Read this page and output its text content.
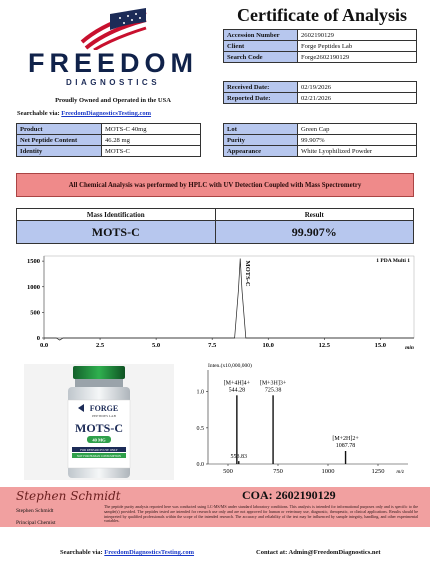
FREEDOM
DIAGNOSTICS
Proudly Owned and Operated in the USA
Searchable via: FreedomDiagnosticsTesting.com
Certificate of Analysis
Accession Number	2602190129
Client	Forge Peptides Lab
Search Code	Forge2602190129
Received Date:	02/19/2026
Reported Date:	02/21/2026
Product	MOTS-C 40mg
Net Peptide Content	46.28 mg
Identity	MOTS-C
Lot	Green Cap
Purity	99.907%
Appearance	White Lyophilized Powder
All Chemical Analysis was performed by HPLC with UV Detection Coupled with Mass Spectrometry
Mass Identification	Result
MOTS-C	99.907%
0
500
1000
1500
0.0	2.5	5.0	7.5	10.0	12.5	15.0
MOTS-C	1 PDA Multi 1
min
FORGE
PEPTIDES LAB
MOTS-C
40 MG
FOR RESEARCH USE ONLY
NOT FOR HUMAN CONSUMPTION
Inten.(x10,000,000)
0.0
0.5
1.0
500	750	1000	1250
[M+4H]4+
544.28
553.83
[M+3H]3+
725.38
[M+2H]2+
1087.78
m/z
Stephen Schmidt
Stephen Schmidt
Principal Chemist
COA: 2602190129
The peptide purity analysis reported here was conducted using LC-MS/MS under standard laboratory conditions. This analysis is intended for informational purposes only and is specific to the sample(s) provided. The peptides tested are intended for research use only and are not approved for human or veterinary use, diagnostic, therapeutic, or clinical applications. Results should be interpreted by qualified professionals within the scope of the intended research. The accuracy and reliability of the test may be influenced by sample integrity, handling, and other experimental variables.
Searchable via: FreedomDiagnosticsTesting.com	Contact at: Admin@FreedomDiagnostics.net
